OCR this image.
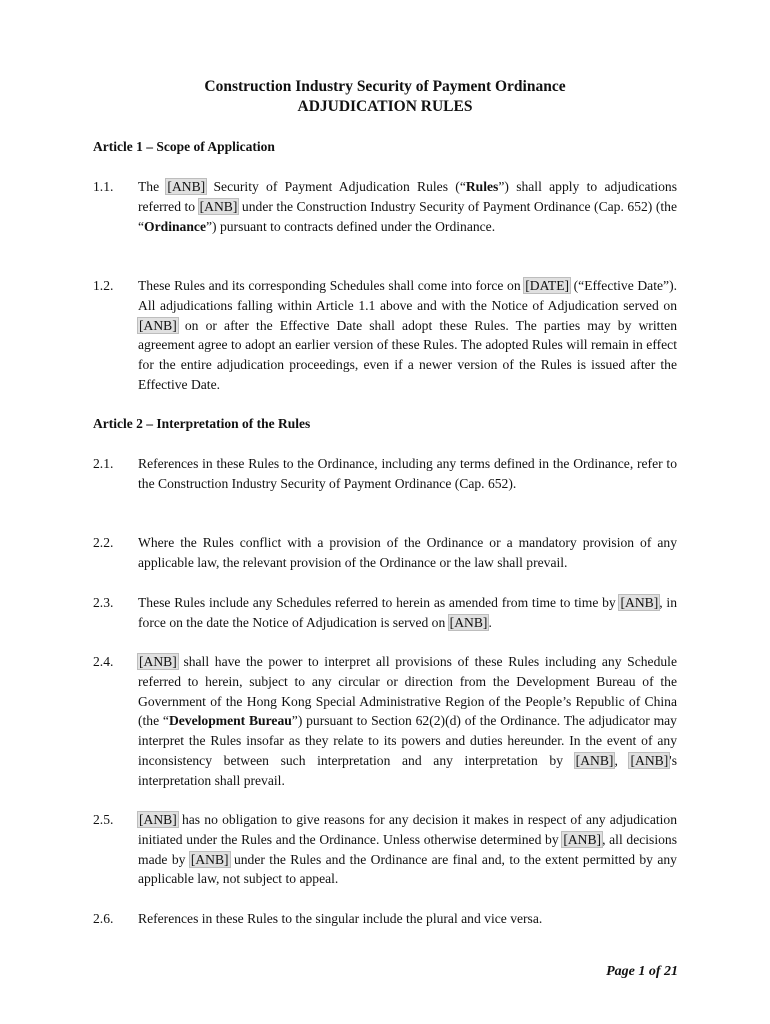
Construction Industry Security of Payment Ordinance
ADJUDICATION RULES
Article 1 – Scope of Application
1.1. The [ANB] Security of Payment Adjudication Rules (“Rules”) shall apply to adjudications referred to [ANB] under the Construction Industry Security of Payment Ordinance (Cap. 652) (the “Ordinance”) pursuant to contracts defined under the Ordinance.
1.2. These Rules and its corresponding Schedules shall come into force on [DATE] (“Effective Date”). All adjudications falling within Article 1.1 above and with the Notice of Adjudication served on [ANB] on or after the Effective Date shall adopt these Rules. The parties may by written agreement agree to adopt an earlier version of these Rules. The adopted Rules will remain in effect for the entire adjudication proceedings, even if a newer version of the Rules is issued after the Effective Date.
Article 2 – Interpretation of the Rules
2.1. References in these Rules to the Ordinance, including any terms defined in the Ordinance, refer to the Construction Industry Security of Payment Ordinance (Cap. 652).
2.2. Where the Rules conflict with a provision of the Ordinance or a mandatory provision of any applicable law, the relevant provision of the Ordinance or the law shall prevail.
2.3. These Rules include any Schedules referred to herein as amended from time to time by [ANB], in force on the date the Notice of Adjudication is served on [ANB].
2.4. [ANB] shall have the power to interpret all provisions of these Rules including any Schedule referred to herein, subject to any circular or direction from the Development Bureau of the Government of the Hong Kong Special Administrative Region of the People’s Republic of China (the “Development Bureau”) pursuant to Section 62(2)(d) of the Ordinance. The adjudicator may interpret the Rules insofar as they relate to its powers and duties hereunder. In the event of any inconsistency between such interpretation and any interpretation by [ANB], [ANB]'s interpretation shall prevail.
2.5. [ANB] has no obligation to give reasons for any decision it makes in respect of any adjudication initiated under the Rules and the Ordinance. Unless otherwise determined by [ANB], all decisions made by [ANB] under the Rules and the Ordinance are final and, to the extent permitted by any applicable law, not subject to appeal.
2.6. References in these Rules to the singular include the plural and vice versa.
Page 1 of 21
